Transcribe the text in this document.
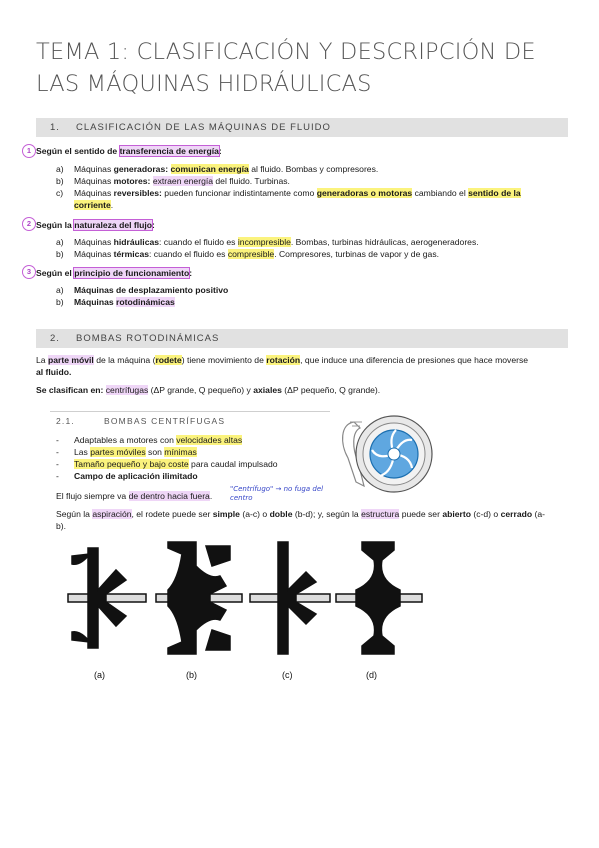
TEMA 1: CLASIFICACIÓN Y DESCRIPCIÓN DE LAS MÁQUINAS HIDRÁULICAS
1. CLASIFICACIÓN DE LAS MÁQUINAS DE FLUIDO
1 Según el sentido de transferencia de energía:
a) Máquinas generadoras: comunican energía al fluido. Bombas y compresores.
b) Máquinas motores: extraen energía del fluido. Turbinas.
c) Máquinas reversibles: pueden funcionar indistintamente como generadoras o motoras cambiando el sentido de la
corriente.
2 Según la naturaleza del flujo:
a) Máquinas hidráulicas: cuando el fluido es incompresible. Bombas, turbinas hidráulicas, aerogeneradores.
b) Máquinas térmicas: cuando el fluido es compresible. Compresores, turbinas de vapor y de gas.
3 Según el principio de funcionamiento:
a) Máquinas de desplazamiento positivo
b) Máquinas rotodinámicas
2. BOMBAS ROTODINÁMICAS
La parte móvil de la máquina (rodete) tiene movimiento de rotación, que induce una diferencia de presiones que hace moverse
al fluido.
Se clasifican en: centrífugas (ΔP grande, Q pequeño) y axiales (ΔP pequeño, Q grande).
2.1.	BOMBAS CENTRÍFUGAS
- Adaptables a motores con velocidades altas
- Las partes móviles son mínimas
- Tamaño pequeño y bajo coste para caudal impulsado
- Campo de aplicación ilimitado
El flujo siempre va de dentro hacia fuera.
"Centrífugo" → no fuga del
centro
Según la aspiración, el rodete puede ser simple (a-c) o doble (b-d); y, según la estructura puede ser abierto (c-d) o cerrado (a-
b).
(a)	(b)	(c)	(d)
